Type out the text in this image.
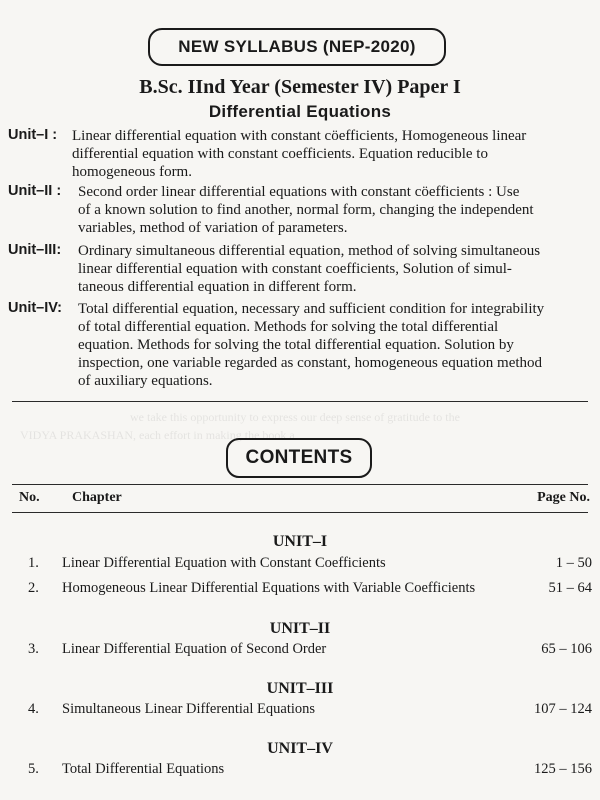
we take this opportunity to express our deep sense of gratitude to the
VIDYA PRAKASHAN, each effort in making the book a
NEW SYLLABUS (NEP-2020)
B.Sc. IInd Year (Semester IV) Paper I
Differential Equations
Unit–I : Linear differential equation with constant cöefficients, Homogeneous linear
differential equation with constant coefficients. Equation reducible to
homogeneous form.
Unit–II : Second order linear differential equations with constant cöefficients : Use
of a known solution to find another, normal form, changing the independent
variables, method of variation of parameters.
Unit–III: Ordinary simultaneous differential equation, method of solving simultaneous
linear differential equation with constant coefficients, Solution of simul-
taneous differential equation in different form.
Unit–IV: Total differential equation, necessary and sufficient condition for integrability
of total differential equation. Methods for solving the total differential
equation. Methods for solving the total differential equation. Solution by
inspection, one variable regarded as constant, homogeneous equation method
of auxiliary equations.
CONTENTS
No. Chapter	Page No.
UNIT–I
1. Linear Differential Equation with Constant Coefficients	1 – 50
2. Homogeneous Linear Differential Equations with Variable Coefficients	51 – 64
UNIT–II
3. Linear Differential Equation of Second Order	65 – 106
UNIT–III
4. Simultaneous Linear Differential Equations	107 – 124
UNIT–IV
5. Total Differential Equations	125 – 156
